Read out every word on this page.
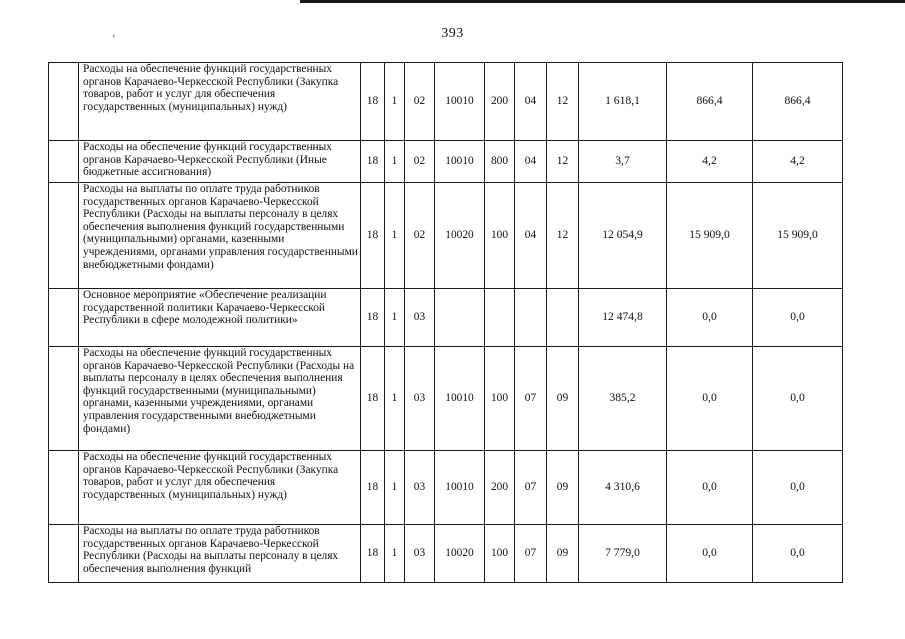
⸗	393
	Расходы на обеспечение функций государственных органов Карачаево-Черкесской Республики (Закупка товаров, работ и услуг для обеспечения государственных (муниципальных) нужд)	18	1	02	10010	200	04	12	1 618,1	866,4	866,4
	Расходы на обеспечение функций государственных органов Карачаево-Черкесской Республики (Иные бюджетные ассигнования)	18	1	02	10010	800	04	12	3,7	4,2	4,2
	Расходы на выплаты по оплате труда работников государственных органов Карачаево-Черкесской Республики (Расходы на выплаты персоналу в целях обеспечения выполнения функций государственными (муниципальными) органами, казенными учреждениями, органами управления государственными внебюджетными фондами)	18	1	02	10020	100	04	12	12 054,9	15 909,0	15 909,0
	Основное мероприятие «Обеспечение реализации государственной политики Карачаево-Черкесской Республики в сфере молодежной политики»	18	1	03					12 474,8	0,0	0,0
	Расходы на обеспечение функций государственных органов Карачаево-Черкесской Республики (Расходы на выплаты персоналу в целях обеспечения выполнения функций государственными (муниципальными) органами, казенными учреждениями, органами управления государственными внебюджетными фондами)	18	1	03	10010	100	07	09	385,2	0,0	0,0
	Расходы на обеспечение функций государственных органов Карачаево-Черкесской Республики (Закупка товаров, работ и услуг для обеспечения государственных (муниципальных) нужд)	18	1	03	10010	200	07	09	4 310,6	0,0	0,0
	Расходы на выплаты по оплате труда работников государственных органов Карачаево-Черкесской Республики (Расходы на выплаты персоналу в целях обеспечения выполнения функций	18	1	03	10020	100	07	09	7 779,0	0,0	0,0
